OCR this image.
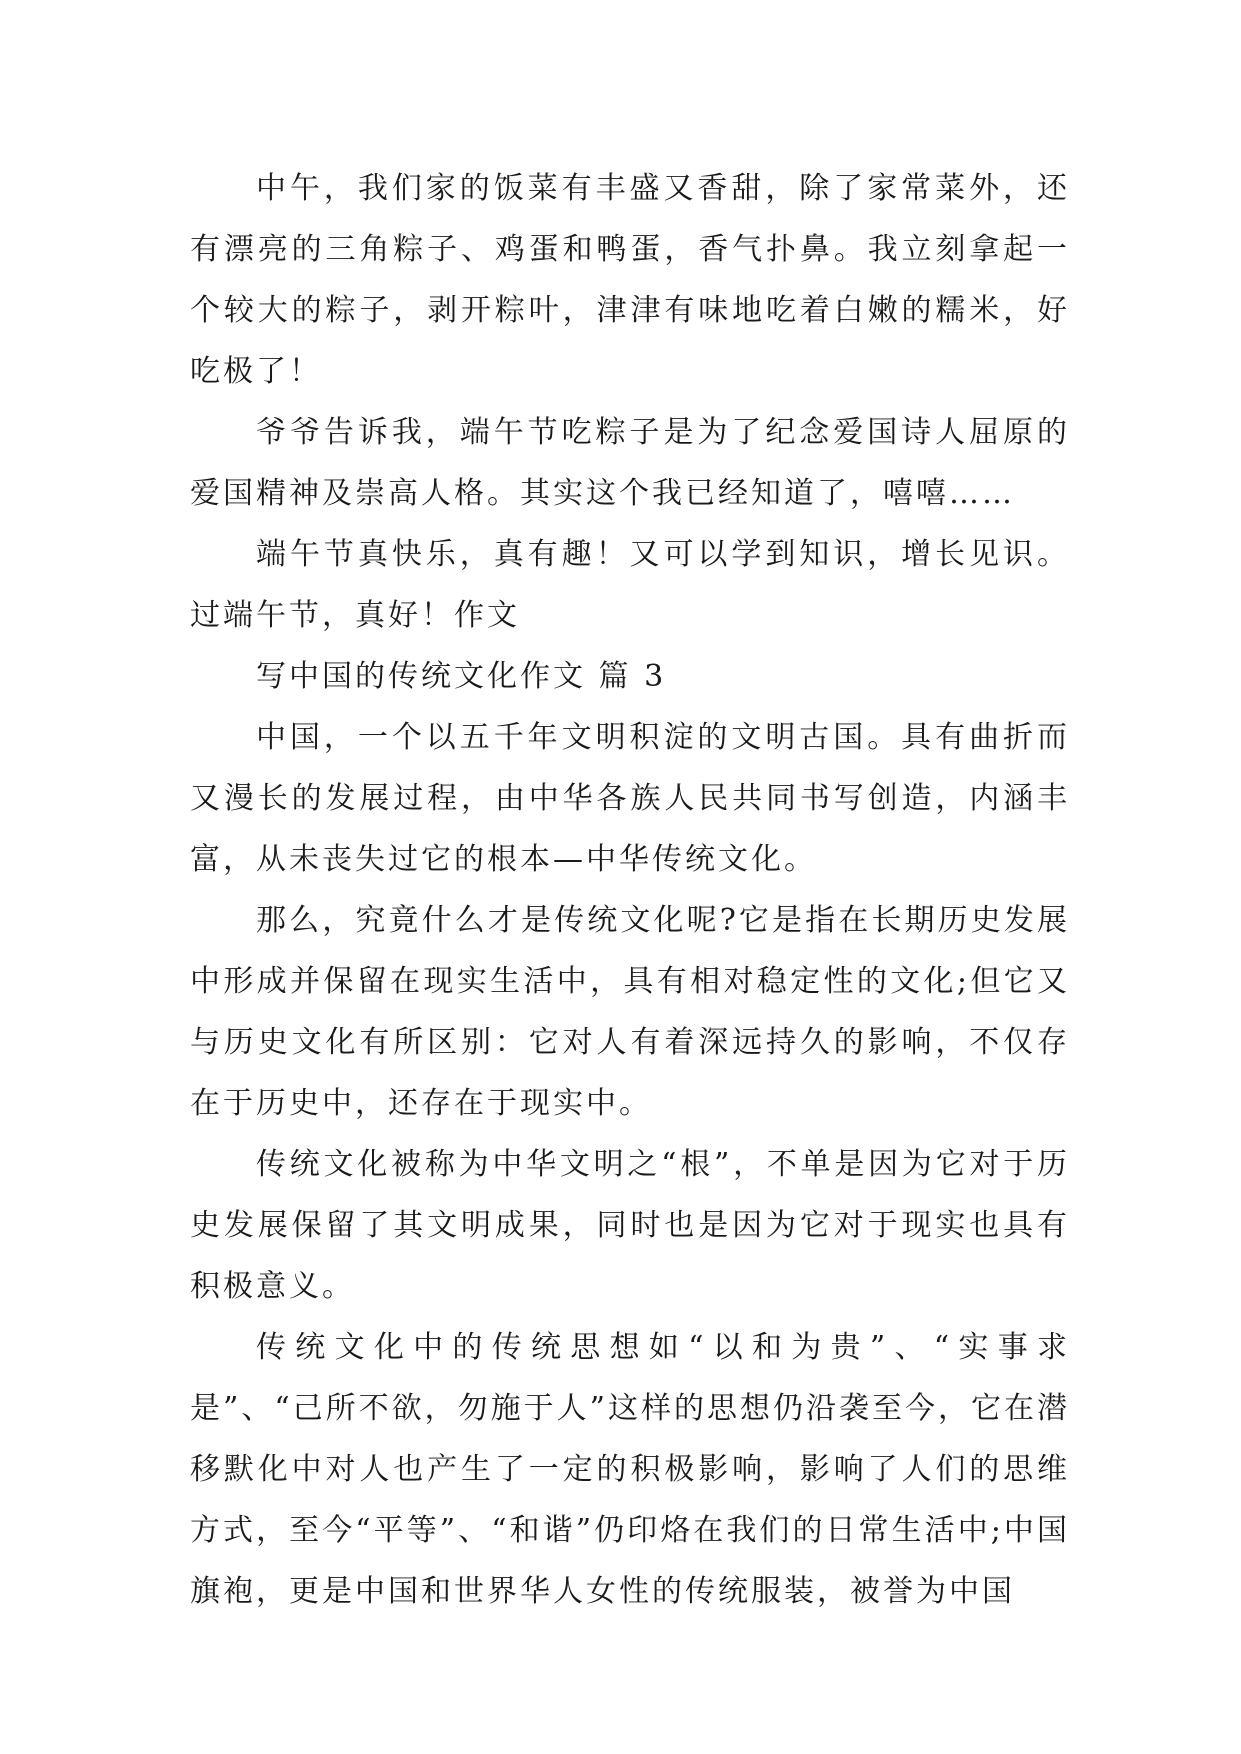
中午，我们家的饭菜有丰盛又香甜，除了家常菜外，还有漂亮的三角粽子、鸡蛋和鸭蛋，香气扑鼻。我立刻拿起一个较大的粽子，剥开粽叶，津津有味地吃着白嫩的糯米，好吃极了！

爷爷告诉我，端午节吃粽子是为了纪念爱国诗人屈原的爱国精神及崇高人格。其实这个我已经知道了，嘻嘻……

端午节真快乐，真有趣！又可以学到知识，增长见识。过端午节，真好！作文

写中国的传统文化作文 篇 3

中国，一个以五千年文明积淀的文明古国。具有曲折而又漫长的发展过程，由中华各族人民共同书写创造，内涵丰富，从未丧失过它的根本—中华传统文化。

那么，究竟什么才是传统文化呢?它是指在长期历史发展中形成并保留在现实生活中，具有相对稳定性的文化;但它又与历史文化有所区别：它对人有着深远持久的影响，不仅存在于历史中，还存在于现实中。

传统文化被称为中华文明之“根”，不单是因为它对于历史发展保留了其文明成果，同时也是因为它对于现实也具有积极意义。

传统文化中的传统思想如“以和为贵”、“实事求是”、“己所不欲，勿施于人”这样的思想仍沿袭至今，它在潜移默化中对人也产生了一定的积极影响，影响了人们的思维方式，至今“平等”、“和谐”仍印烙在我们的日常生活中;中国旗袍，更是中国和世界华人女性的传统服装，被誉为中国
